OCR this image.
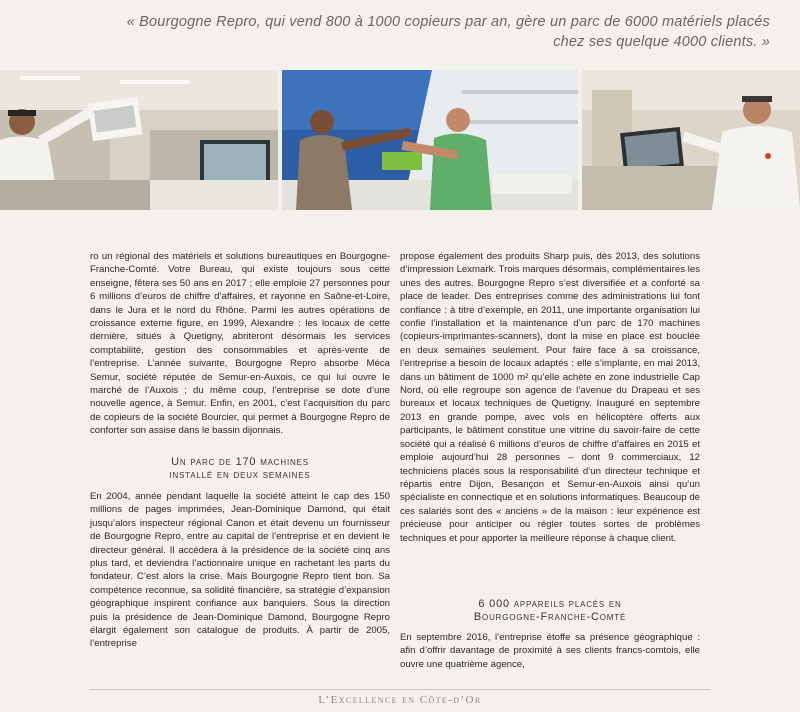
« Bourgogne Repro, qui vend 800 à 1000 copieurs par an, gère un parc de 6000 matériels placés chez ses quelque 4000 clients. »

ro un régional des matériels et solutions bureautiques en Bourgogne-Franche-Comté. Votre Bureau, qui existe toujours sous cette enseigne, fêtera ses 50 ans en 2017 ; elle emploie 27 personnes pour 6 millions d’euros de chiffre d’affaires, et rayonne en Saône-et-Loire, dans le Jura et le nord du Rhône. Parmi les autres opérations de croissance externe figure, en 1999, Alexandre : les locaux de cette dernière, situés à Quetigny, abriteront désormais les services comptabilité, gestion des consommables et après-vente de l’entreprise. L’année suivante, Bourgogne Repro absorbe Méca Semur, société réputée de Semur-en-Auxois, ce qui lui ouvre le marché de l’Auxois ; du même coup, l’entreprise se dote d’une nouvelle agence, à Semur. Enfin, en 2001, c’est l’acquisition du parc de copieurs de la société Bourcier, qui permet à Bourgogne Repro de conforter son assise dans le bassin dijonnais.

Un parc de 170 machines
installé en deux semaines

En 2004, année pendant laquelle la société atteint le cap des 150 millions de pages imprimées, Jean-Dominique Damond, qui était jusqu’alors inspecteur régional Canon et était devenu un fournisseur de Bourgogne Repro, entre au capital de l’entreprise et en devient le directeur général. Il accédera à la présidence de la société cinq ans plus tard, et deviendra l’actionnaire unique en rachetant les parts du fondateur. C’est alors la crise. Mais Bourgogne Repro tient bon. Sa compétence reconnue, sa solidité financière, sa stratégie d’expansion géographique inspirent confiance aux banquiers. Sous la direction puis la présidence de Jean-Dominique Damond, Bourgogne Repro élargit également son catalogue de produits. À partir de 2005, l’entreprise

propose également des produits Sharp puis, dès 2013, des solutions d’impression Lexmark. Trois marques désormais, complémentaires les unes des autres. Bourgogne Repro s’est diversifiée et a conforté sa place de leader. Des entreprises comme des administrations lui font confiance : à titre d’exemple, en 2011, une importante organisation lui confie l’installation et la maintenance d’un parc de 170 machines (copieurs-imprimantes-scanners), dont la mise en place est bouclée en deux semaines seulement. Pour faire face à sa croissance, l’entreprise a besoin de locaux adaptés : elle s’implante, en mai 2013, dans un bâtiment de 1000 m² qu’elle achète en zone industrielle Cap Nord, où elle regroupe son agence de l’avenue du Drapeau et ses bureaux et locaux techniques de Quetigny. Inauguré en septembre 2013 en grande pompe, avec vols en hélicoptère offerts aux participants, le bâtiment constitue une vitrine du savoir-faire de cette société qui a réalisé 6 millions d’euros de chiffre d’affaires en 2015 et emploie aujourd’hui 28 personnes – dont 9 commerciaux, 12 techniciens placés sous la responsabilité d’un directeur technique et répartis entre Dijon, Besançon et Semur-en-Auxois ainsi qu’un spécialiste en connectique et en solutions informatiques. Beaucoup de ces salariés sont des « anciens » de la maison : leur expérience est précieuse pour anticiper ou régler toutes sortes de problèmes techniques et pour apporter la meilleure réponse à chaque client.

6 000 appareils placés en
Bourgogne-Franche-Comté

En septembre 2016, l’entreprise étoffe sa présence géographique : afin d’offrir davantage de proximité à ses clients francs-comtois, elle ouvre une quatrième agence,

L’Excellence en Côte-d’Or
